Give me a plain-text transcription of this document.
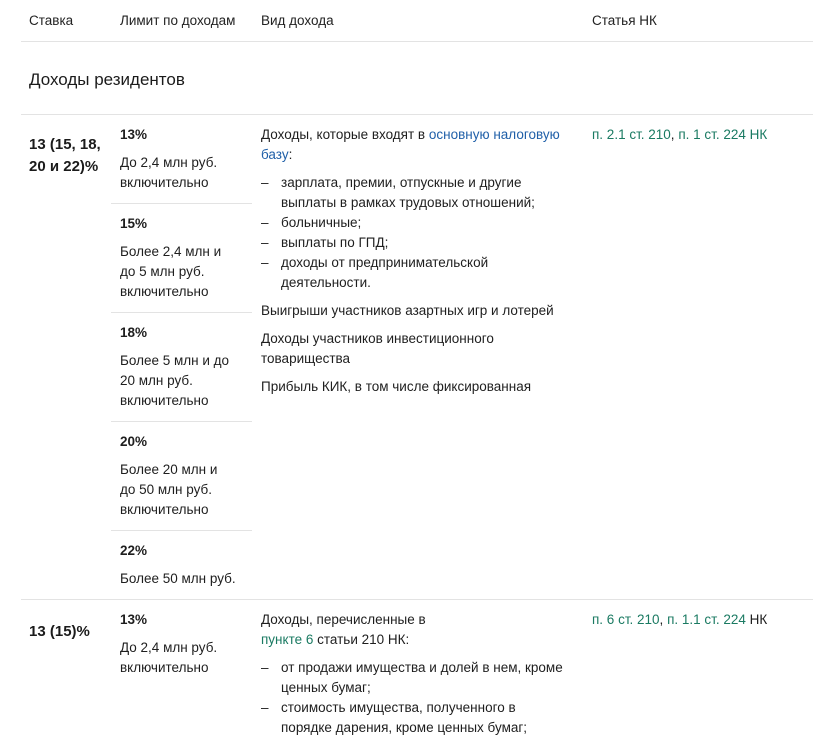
Ставка	Лимит по доходам Вид дохода	Статья НК
Доходы резидентов
13 (15, 18, 20 и 22)%
13%
До 2,4 млн руб. включительно
15%
Более 2,4 млн и до 5 млн руб. включительно
18%
Более 5 млн и до 20 млн руб. включительно
20%
Более 20 млн и до 50 млн руб. включительно
22%
Более 50 млн руб.

Доходы, которые входят в основную налоговую базу:

– зарплата, премии, отпускные и другие выплаты в рамках трудовых отношений;
– больничные;
– выплаты по ГПД;
– доходы от предпринимательской деятельности.

Выигрыши участников азартных игр и лотерей

Доходы участников инвестиционного товарищества

Прибыль КИК, в том числе фиксированная

п. 2.1 ст. 210, п. 1 ст. 224 НК
13 (15)%
13%
До 2,4 млн руб. включительно

Доходы, перечисленные в пункте 6 статьи 210 НК:

– от продажи имущества и долей в нем, кроме ценных бумаг;
– стоимость имущества, полученного в порядке дарения, кроме ценных бумаг;
п. 6 ст. 210, п. 1.1 ст. 224 НК
